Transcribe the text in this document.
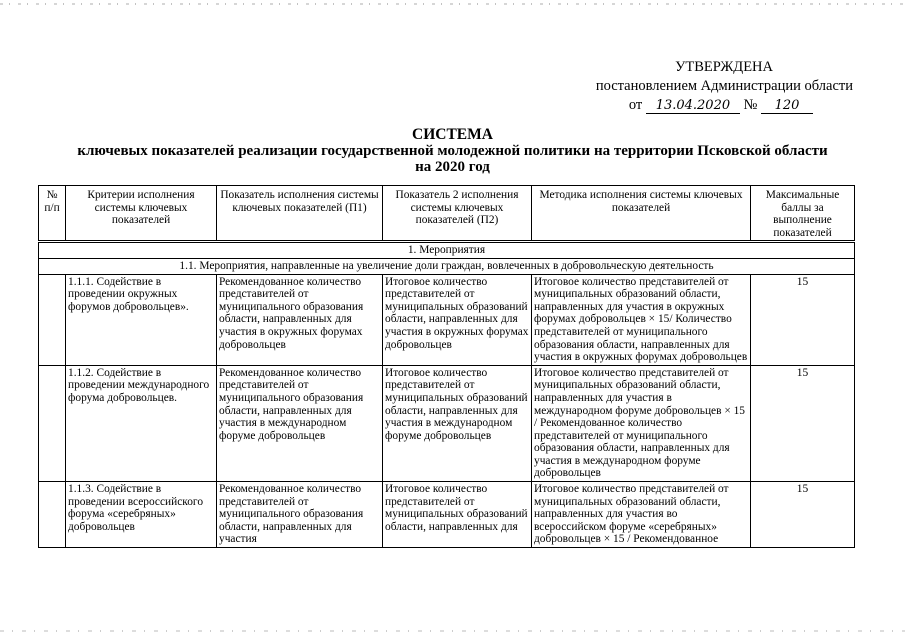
УТВЕРЖДЕНА
постановлением Администрации области
от 13.04.2020 № 120
СИСТЕМА
ключевых показателей реализации государственной молодежной политики на территории Псковской области
на 2020 год
№ п/п	Критерии исполнения системы ключевых показателей	Показатель исполнения системы ключевых показателей (П1)	Показатель 2 исполнения системы ключевых показателей (П2)	Методика исполнения системы ключевых показателей	Максимальные баллы за выполнение показателей
1. Мероприятия					
1.1. Мероприятия, направленные на увеличение доли граждан, вовлеченных в добровольческую деятельность					
	1.1.1. Содействие в проведении окружных форумов добровольцев».	Рекомендованное количество представителей от муниципального образования области, направленных для участия в окружных форумах добровольцев	Итоговое количество представителей от муниципальных образований области, направленных для участия в окружных форумах добровольцев	Итоговое количество представителей от муниципальных образований области, направленных для участия в окружных форумах добровольцев × 15/ Количество представителей от муниципального образования области, направленных для участия в окружных форумах добровольцев	15
	1.1.2. Содействие в проведении международного форума добровольцев.	Рекомендованное количество представителей от муниципального образования области, направленных для участия в международном форуме добровольцев	Итоговое количество представителей от муниципальных образований области, направленных для участия в международном форуме добровольцев	Итоговое количество представителей от муниципальных образований области, направленных для участия в международном форуме добровольцев × 15 / Рекомендованное количество представителей от муниципального образования области, направленных для участия в международном форуме добровольцев	15
	1.1.3. Содействие в проведении всероссийского форума «серебряных» добровольцев	Рекомендованное количество представителей от муниципального образования области, направленных для участия	Итоговое количество представителей от муниципальных образований области, направленных для	Итоговое количество представителей от муниципальных образований области, направленных для участия во всероссийском форуме «серебряных» добровольцев × 15 / Рекомендованное	15
